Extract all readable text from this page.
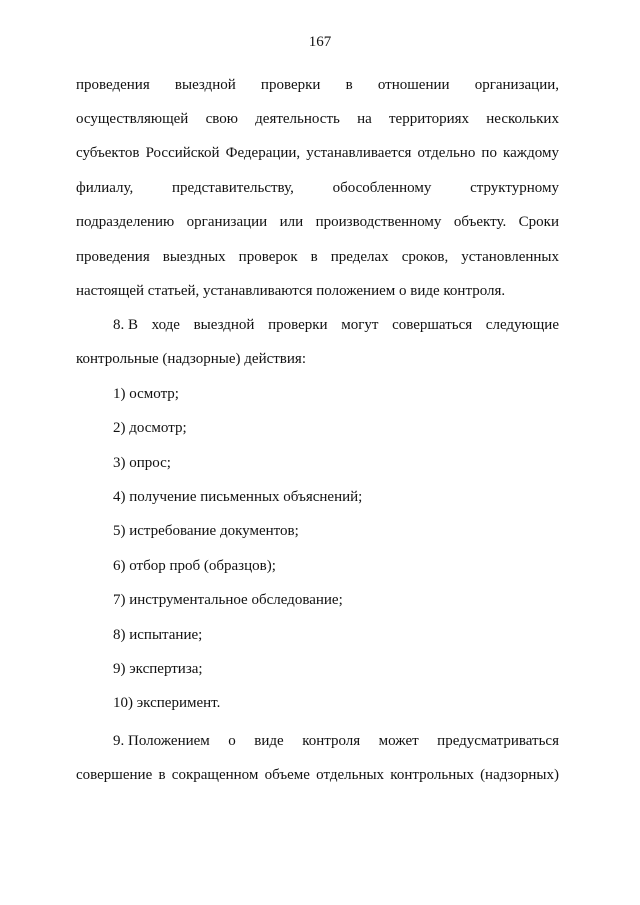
167
проведения выездной проверки в отношении организации,
осуществляющей свою деятельность на территориях нескольких
субъектов Российской Федерации, устанавливается отдельно по каждому
филиалу,	представительству,	обособленному	структурному
подразделению организации или производственному объекту. Сроки
проведения выездных проверок в пределах сроков, установленных
настоящей статьей, устанавливаются положением о виде контроля.
8. В ходе выездной проверки могут совершаться следующие
контрольные (надзорные) действия:
1) осмотр;
2) досмотр;
3) опрос;
4) получение письменных объяснений;
5) истребование документов;
6) отбор проб (образцов);
7) инструментальное обследование;
8) испытание;
9) экспертиза;
10) эксперимент.
9. Положением о виде контроля может предусматриваться
совершение в сокращенном объеме отдельных контрольных (надзорных)
